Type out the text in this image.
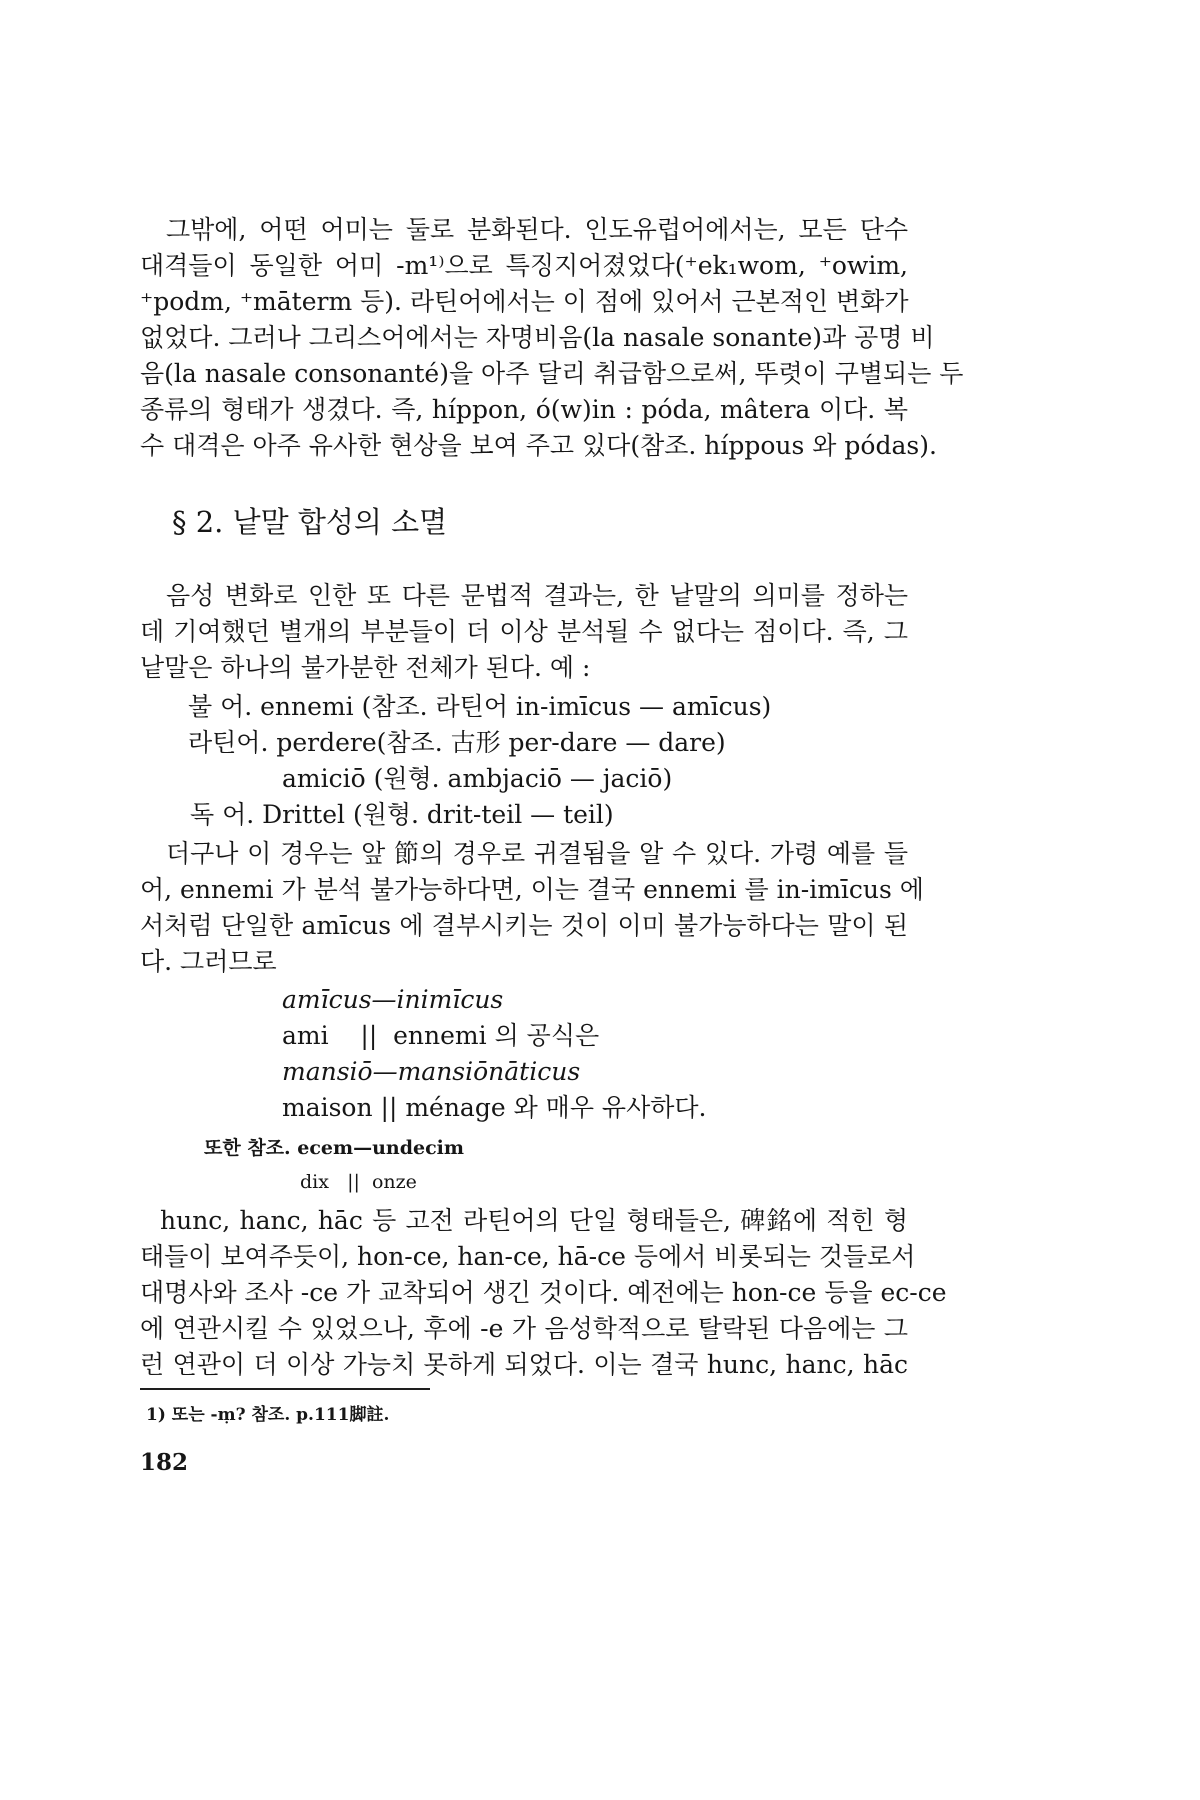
그밖에, 어떤 어미는 둘로 분화된다. 인도유럽어에서는, 모든 단수
대격들이 동일한 어미 -m¹⁾으로 특징지어졌었다(⁺ek₁wom, ⁺owim,
⁺podm, ⁺māterm 등). 라틴어에서는 이 점에 있어서 근본적인 변화가
없었다. 그러나 그리스어에서는 자명비음(la nasale sonante)과 공명 비
음(la nasale consonanté)을 아주 달리 취급함으로써, 뚜렷이 구별되는 두
종류의 형태가 생겼다. 즉, híppon, ó(w)in : póda, mâtera 이다. 복
수 대격은 아주 유사한 현상을 보여 주고 있다(참조. híppous 와 pódas).
§ 2. 낱말 합성의 소멸
음성 변화로 인한 또 다른 문법적 결과는, 한 낱말의 의미를 정하는
데 기여했던 별개의 부분들이 더 이상 분석될 수 없다는 점이다. 즉, 그
낱말은 하나의 불가분한 전체가 된다. 예 :
불 어. ennemi (참조. 라틴어 in-imīcus — amīcus)
라틴어. perdere(참조. 古形 per-dare — dare)
amiciō (원형. ambjaciō — jaciō)
독 어. Drittel (원형. drit-teil — teil)
더구나 이 경우는 앞 節의 경우로 귀결됨을 알 수 있다. 가령 예를 들
어, ennemi 가 분석 불가능하다면, 이는 결국 ennemi 를 in-imīcus 에
서처럼 단일한 amīcus 에 결부시키는 것이 이미 불가능하다는 말이 된
다. 그러므로
amīcus—inimīcus
ami    ||  ennemi 의 공식은
mansiō—mansiōnāticus
maison || ménage 와 매우 유사하다.
또한 참조. ecem—undecim
dix   ||  onze
hunc, hanc, hāc 등 고전 라틴어의 단일 형태들은, 碑銘에 적힌 형
태들이 보여주듯이, hon-ce, han-ce, hā-ce 등에서 비롯되는 것들로서
대명사와 조사 -ce 가 교착되어 생긴 것이다. 예전에는 hon-ce 등을 ec-ce
에 연관시킬 수 있었으나, 후에 -e 가 음성학적으로 탈락된 다음에는 그
런 연관이 더 이상 가능치 못하게 되었다. 이는 결국 hunc, hanc, hāc
1) 또는 -ṃ? 참조. p.111脚註.
182
